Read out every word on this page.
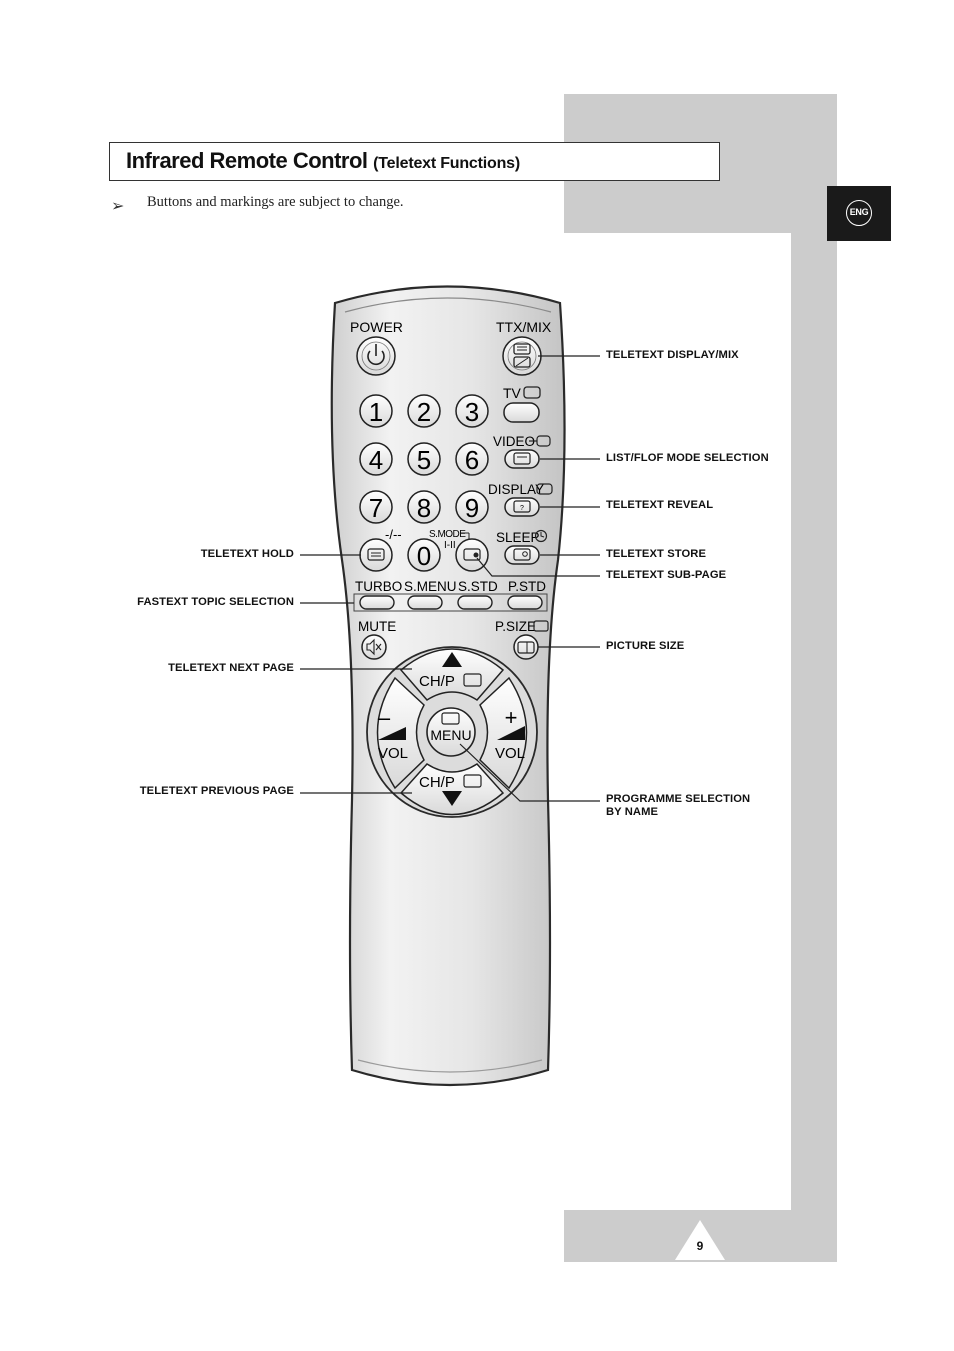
9
ENG
Infrared Remote Control (Teletext Functions)
➢ Buttons and markings are subject to change.
POWER	TTX/MIX
TV
1 2 3
4 5 6
7 8 9
0
VIDEO
DISPLAY
?
-/--	S.MODE
I-II
SLEEP
TURBO S.MENU S.STD P.STD
MUTE	P.SIZE
CH/P
CH/P
–
VOL
+
VOL
MENU
TELETEXT DISPLAY/MIX
LIST/FLOF MODE SELECTION
TELETEXT REVEAL
TELETEXT STORE
TELETEXT SUB-PAGE
PICTURE SIZE
PROGRAMME SELECTION
BY NAME
TELETEXT HOLD
FASTEXT TOPIC SELECTION
TELETEXT NEXT PAGE
TELETEXT PREVIOUS PAGE
